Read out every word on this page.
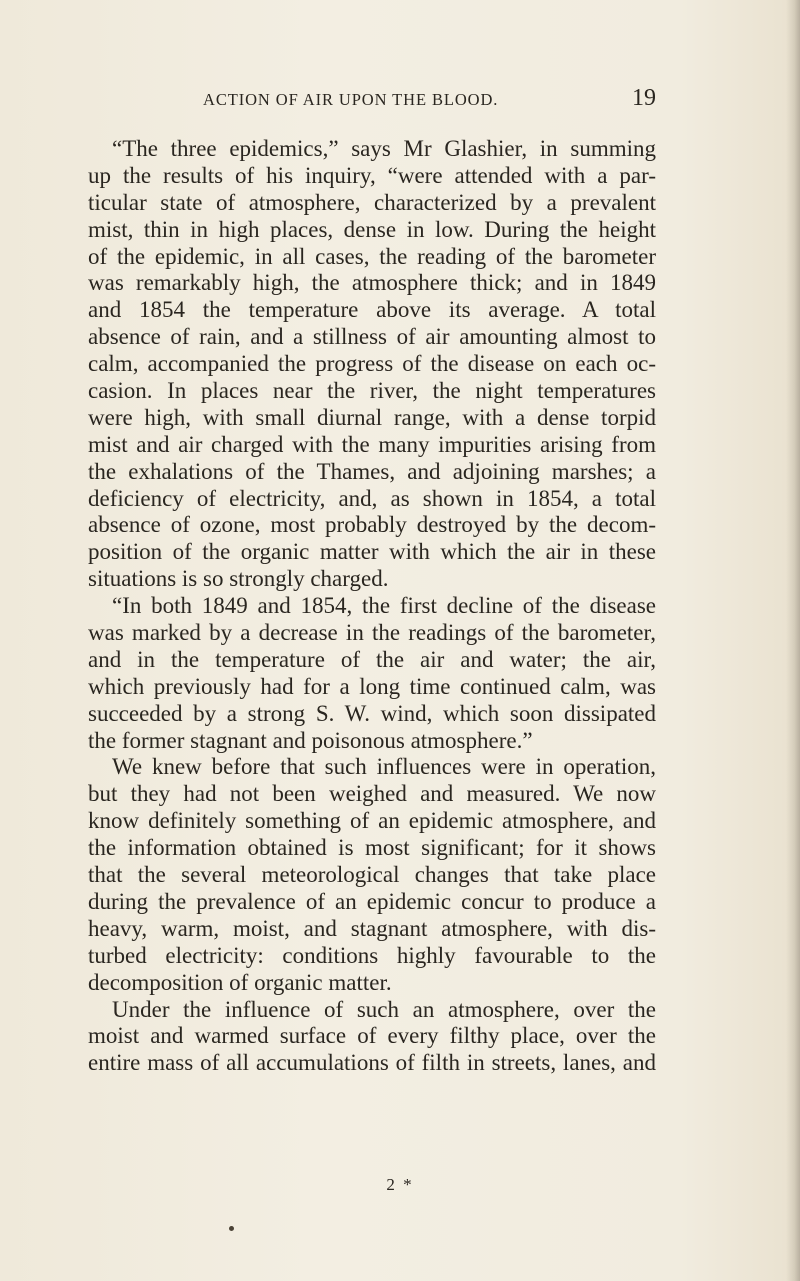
ACTION OF AIR UPON THE BLOOD.	19
“The three epidemics,” says Mr Glashier, in summing
up the results of his inquiry, “were attended with a par-
ticular state of atmosphere, characterized by a prevalent
mist, thin in high places, dense in low. During the height
of the epidemic, in all cases, the reading of the barometer
was remarkably high, the atmosphere thick; and in 1849
and 1854 the temperature above its average. A total
absence of rain, and a stillness of air amounting almost to
calm, accompanied the progress of the disease on each oc-
casion. In places near the river, the night temperatures
were high, with small diurnal range, with a dense torpid
mist and air charged with the many impurities arising from
the exhalations of the Thames, and adjoining marshes; a
deficiency of electricity, and, as shown in 1854, a total
absence of ozone, most probably destroyed by the decom-
position of the organic matter with which the air in these
situations is so strongly charged.
“In both 1849 and 1854, the first decline of the disease
was marked by a decrease in the readings of the barometer,
and in the temperature of the air and water; the air,
which previously had for a long time continued calm, was
succeeded by a strong S. W. wind, which soon dissipated
the former stagnant and poisonous atmosphere.”
We knew before that such influences were in operation,
but they had not been weighed and measured. We now
know definitely something of an epidemic atmosphere, and
the information obtained is most significant; for it shows
that the several meteorological changes that take place
during the prevalence of an epidemic concur to produce a
heavy, warm, moist, and stagnant atmosphere, with dis-
turbed electricity: conditions highly favourable to the
decomposition of organic matter.
Under the influence of such an atmosphere, over the
moist and warmed surface of every filthy place, over the
entire mass of all accumulations of filth in streets, lanes, and
2 *
